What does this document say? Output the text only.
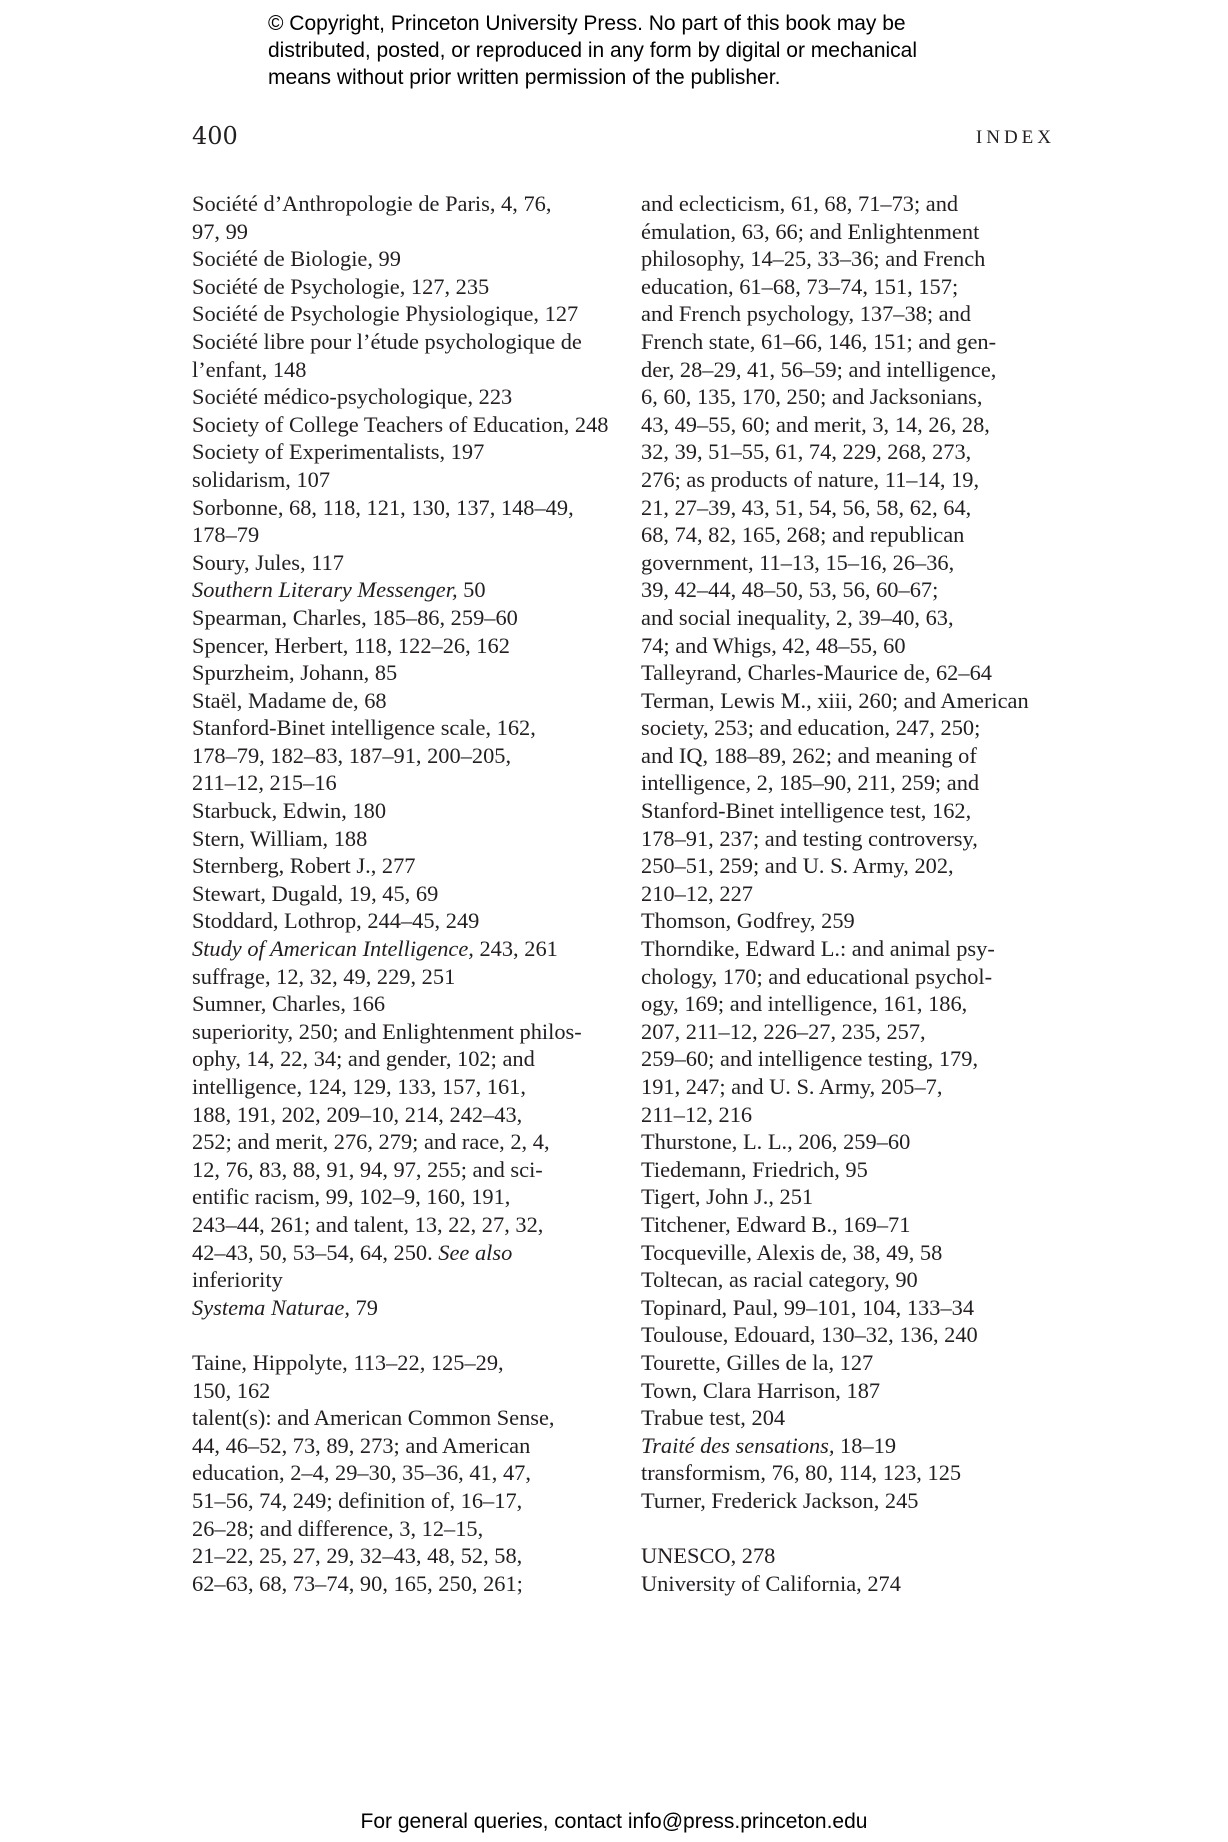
© Copyright, Princeton University Press. No part of this book may be
distributed, posted, or reproduced in any form by digital or mechanical
means without prior written permission of the publisher.
400	INDEX
Société d’Anthropologie de Paris, 4, 76,
97, 99
Société de Biologie, 99
Société de Psychologie, 127, 235
Société de Psychologie Physiologique, 127
Société libre pour l’étude psychologique de
l’enfant, 148
Société médico-psychologique, 223
Society of College Teachers of Education, 248
Society of Experimentalists, 197
solidarism, 107
Sorbonne, 68, 118, 121, 130, 137, 148–49,
178–79
Soury, Jules, 117
Southern Literary Messenger, 50
Spearman, Charles, 185–86, 259–60
Spencer, Herbert, 118, 122–26, 162
Spurzheim, Johann, 85
Staël, Madame de, 68
Stanford-Binet intelligence scale, 162,
178–79, 182–83, 187–91, 200–205,
211–12, 215–16
Starbuck, Edwin, 180
Stern, William, 188
Sternberg, Robert J., 277
Stewart, Dugald, 19, 45, 69
Stoddard, Lothrop, 244–45, 249
Study of American Intelligence, 243, 261
suffrage, 12, 32, 49, 229, 251
Sumner, Charles, 166
superiority, 250; and Enlightenment philos-
ophy, 14, 22, 34; and gender, 102; and
intelligence, 124, 129, 133, 157, 161,
188, 191, 202, 209–10, 214, 242–43,
252; and merit, 276, 279; and race, 2, 4,
12, 76, 83, 88, 91, 94, 97, 255; and sci-
entific racism, 99, 102–9, 160, 191,
243–44, 261; and talent, 13, 22, 27, 32,
42–43, 50, 53–54, 64, 250. See also
inferiority
Systema Naturae, 79
Taine, Hippolyte, 113–22, 125–29,
150, 162
talent(s): and American Common Sense,
44, 46–52, 73, 89, 273; and American
education, 2–4, 29–30, 35–36, 41, 47,
51–56, 74, 249; definition of, 16–17,
26–28; and difference, 3, 12–15,
21–22, 25, 27, 29, 32–43, 48, 52, 58,
62–63, 68, 73–74, 90, 165, 250, 261;
and eclecticism, 61, 68, 71–73; and
émulation, 63, 66; and Enlightenment
philosophy, 14–25, 33–36; and French
education, 61–68, 73–74, 151, 157;
and French psychology, 137–38; and
French state, 61–66, 146, 151; and gen-
der, 28–29, 41, 56–59; and intelligence,
6, 60, 135, 170, 250; and Jacksonians,
43, 49–55, 60; and merit, 3, 14, 26, 28,
32, 39, 51–55, 61, 74, 229, 268, 273,
276; as products of nature, 11–14, 19,
21, 27–39, 43, 51, 54, 56, 58, 62, 64,
68, 74, 82, 165, 268; and republican
government, 11–13, 15–16, 26–36,
39, 42–44, 48–50, 53, 56, 60–67;
and social inequality, 2, 39–40, 63,
74; and Whigs, 42, 48–55, 60
Talleyrand, Charles-Maurice de, 62–64
Terman, Lewis M., xiii, 260; and American
society, 253; and education, 247, 250;
and IQ, 188–89, 262; and meaning of
intelligence, 2, 185–90, 211, 259; and
Stanford-Binet intelligence test, 162,
178–91, 237; and testing controversy,
250–51, 259; and U. S. Army, 202,
210–12, 227
Thomson, Godfrey, 259
Thorndike, Edward L.: and animal psy-
chology, 170; and educational psychol-
ogy, 169; and intelligence, 161, 186,
207, 211–12, 226–27, 235, 257,
259–60; and intelligence testing, 179,
191, 247; and U. S. Army, 205–7,
211–12, 216
Thurstone, L. L., 206, 259–60
Tiedemann, Friedrich, 95
Tigert, John J., 251
Titchener, Edward B., 169–71
Tocqueville, Alexis de, 38, 49, 58
Toltecan, as racial category, 90
Topinard, Paul, 99–101, 104, 133–34
Toulouse, Edouard, 130–32, 136, 240
Tourette, Gilles de la, 127
Town, Clara Harrison, 187
Trabue test, 204
Traité des sensations, 18–19
transformism, 76, 80, 114, 123, 125
Turner, Frederick Jackson, 245
UNESCO, 278
University of California, 274
For general queries, contact info@press.princeton.edu
